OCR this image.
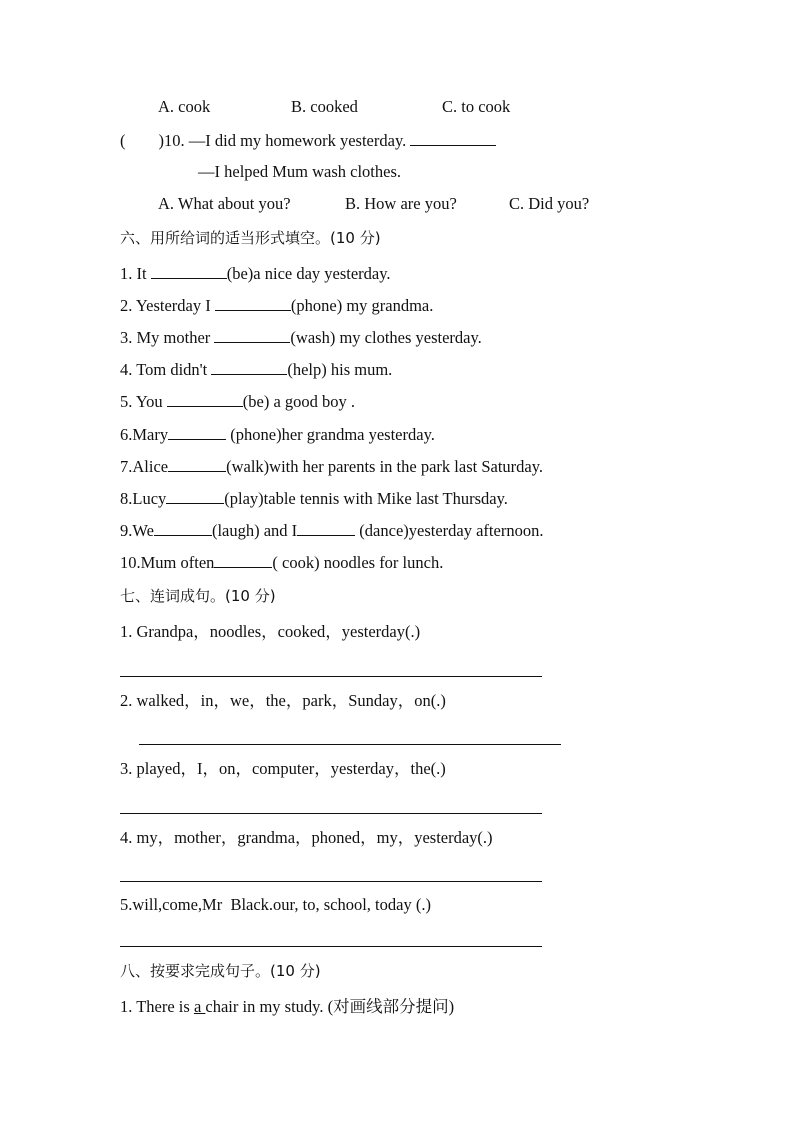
A. cook	B. cooked	C. to cook
(        )10. —I did my homework yesterday.
—I helped Mum wash clothes.
A. What about you?	B. How are you?	C. Did you?
六、用所给词的适当形式填空。(10 分)
1. It	(be)a nice day yesterday.
2. Yesterday I	(phone) my grandma.
3. My mother	(wash) my clothes yesterday.
4. Tom didn't	(help) his mum.
5. You	(be) a good boy .
6.Mary	(phone)her grandma yesterday.
7.Alice	(walk)with her parents in the park last Saturday.
8.Lucy	(play)table tennis with Mike last Thursday.
9.We	(laugh) and I	(dance)yesterday afternoon.
10.Mum often	( cook) noodles for lunch.
七、连词成句。(10 分)
1. Grandpa，noodles，cooked，yesterday(.)
2. walked，in，we，the，park，Sunday，on(.)
3. played，I，on，computer，yesterday，the(.)
4. my，mother，grandma，phoned，my，yesterday(.)
5.will,come,Mr  Black.our, to, school, today (.)
八、按要求完成句子。(10 分)
1. There is a chair in my study. (对画线部分提问)
